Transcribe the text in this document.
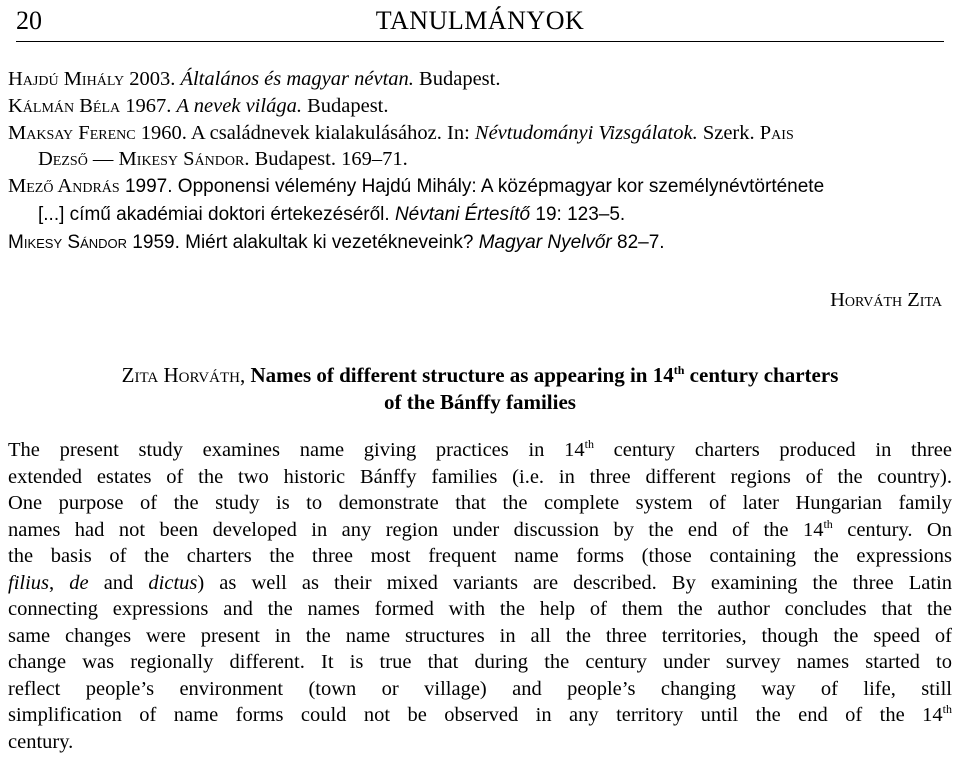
20	TANULMÁNYOK
Hajdú Mihály 2003. Általános és magyar névtan. Budapest.
Kálmán Béla 1967. A nevek világa. Budapest.
Maksay Ferenc 1960. A családnevek kialakulásához. In: Névtudományi Vizsgálatok. Szerk. Pais
Dezső — Mikesy Sándor. Budapest. 169–71.
Mező András 1997. Opponensi vélemény Hajdú Mihály: A középmagyar kor személynévtörténete
[...] című akadémiai doktori értekezéséről. Névtani Értesítő 19: 123–5.
Mikesy Sándor 1959. Miért alakultak ki vezetékneveink? Magyar Nyelvőr 82–7.
Horváth Zita
Zita Horváth, Names of different structure as appearing in 14th century charters
of the Bánffy families
The present study examines name giving practices in 14th century charters produced in three
extended estates of the two historic Bánffy families (i.e. in three different regions of the country).
One purpose of the study is to demonstrate that the complete system of later Hungarian family
names had not been developed in any region under discussion by the end of the 14th century. On
the basis of the charters the three most frequent name forms (those containing the expressions
filius, de and dictus) as well as their mixed variants are described. By examining the three Latin
connecting expressions and the names formed with the help of them the author concludes that the
same changes were present in the name structures in all the three territories, though the speed of
change was regionally different. It is true that during the century under survey names started to
reflect people’s environment (town or village) and people’s changing way of life, still
simplification of name forms could not be observed in any territory until the end of the 14th
century.
